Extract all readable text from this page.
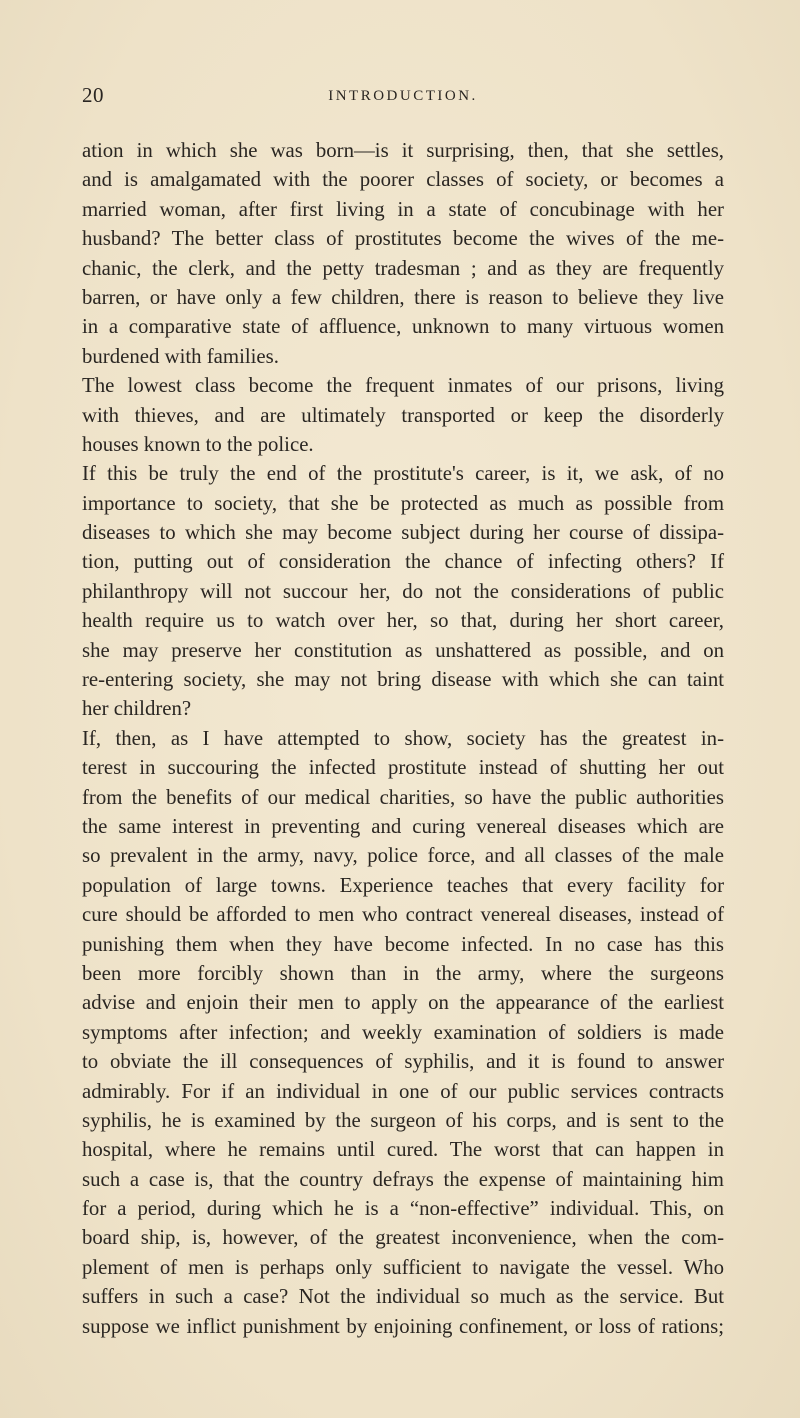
20	INTRODUCTION.
ation in which she was born—is it surprising, then, that she settles,
and is amalgamated with the poorer classes of society, or becomes a
married woman, after first living in a state of concubinage with her
husband? The better class of prostitutes become the wives of the me-
chanic, the clerk, and the petty tradesman ; and as they are frequently
barren, or have only a few children, there is reason to believe they live
in a comparative state of affluence, unknown to many virtuous women
burdened with families.
The lowest class become the frequent inmates of our prisons, living
with thieves, and are ultimately transported or keep the disorderly
houses known to the police.
If this be truly the end of the prostitute's career, is it, we ask, of no
importance to society, that she be protected as much as possible from
diseases to which she may become subject during her course of dissipa-
tion, putting out of consideration the chance of infecting others? If
philanthropy will not succour her, do not the considerations of public
health require us to watch over her, so that, during her short career,
she may preserve her constitution as unshattered as possible, and on
re-entering society, she may not bring disease with which she can taint
her children?
If, then, as I have attempted to show, society has the greatest in-
terest in succouring the infected prostitute instead of shutting her out
from the benefits of our medical charities, so have the public authorities
the same interest in preventing and curing venereal diseases which are
so prevalent in the army, navy, police force, and all classes of the male
population of large towns. Experience teaches that every facility for
cure should be afforded to men who contract venereal diseases, instead of
punishing them when they have become infected. In no case has this
been more forcibly shown than in the army, where the surgeons
advise and enjoin their men to apply on the appearance of the earliest
symptoms after infection; and weekly examination of soldiers is made
to obviate the ill consequences of syphilis, and it is found to answer
admirably. For if an individual in one of our public services contracts
syphilis, he is examined by the surgeon of his corps, and is sent to the
hospital, where he remains until cured. The worst that can happen in
such a case is, that the country defrays the expense of maintaining him
for a period, during which he is a “non-effective” individual. This, on
board ship, is, however, of the greatest inconvenience, when the com-
plement of men is perhaps only sufficient to navigate the vessel. Who
suffers in such a case? Not the individual so much as the service. But
suppose we inflict punishment by enjoining confinement, or loss of rations;
